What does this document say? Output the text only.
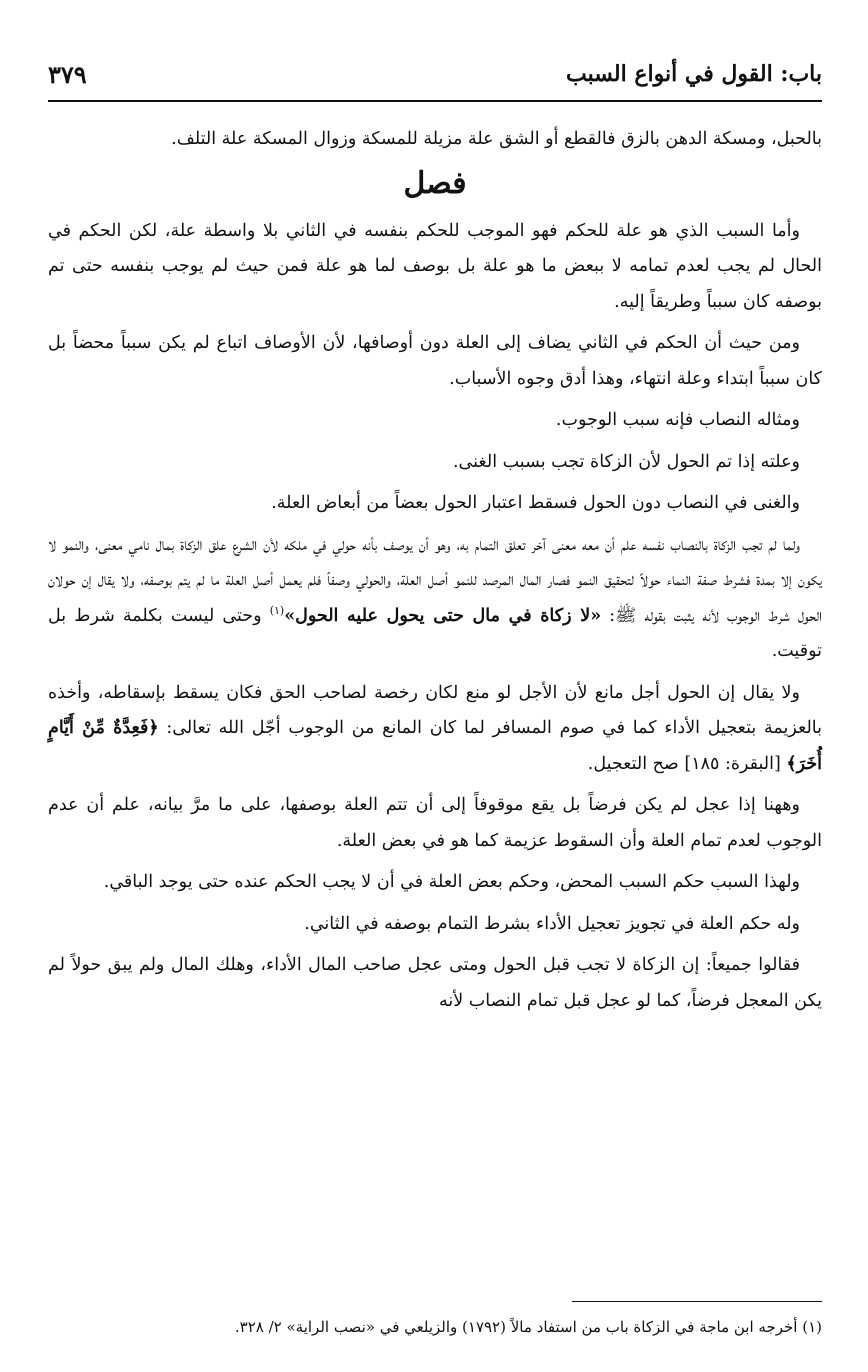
باب: القول في أنواع السبب
٣٧٩

بالحبل، ومسكة الدهن بالزق فالقطع أو الشق علة مزيلة للمسكة وزوال المسكة علة التلف.

فصل

وأما السبب الذي هو علة للحكم فهو الموجب للحكم بنفسه في الثاني بلا واسطة علة، لكن الحكم في الحال لم يجب لعدم تمامه لا ببعض ما هو علة بل بوصف لما هو علة فمن حيث لم يوجب بنفسه حتى تم بوصفه كان سبباً وطريقاً إليه.

ومن حيث أن الحكم في الثاني يضاف إلى العلة دون أوصافها، لأن الأوصاف اتباع لم يكن سبباً محضاً بل كان سبباً ابتداء وعلة انتهاء، وهذا أدق وجوه الأسباب.

ومثاله النصاب فإنه سبب الوجوب.

وعلته إذا تم الحول لأن الزكاة تجب بسبب الغنى.

والغنى في النصاب دون الحول فسقط اعتبار الحول بعضاً من أبعاض العلة.

ولما لم تجب الزكاة بالنصاب نفسه علم أن معه معنى آخر تعلق التمام به، وهو أن يوصف بأنه حولي في ملكه لأن الشرع علق الزكاة بمال نامي معنى، والنمو لا يكون إلا بمدة فشرط صفة النماء حولاً لتحقيق النمو فصار المال المرصد للنمو أصل العلة، والحولي وصفاً فلم يعمل أصل العلة ما لم يتم بوصفه، ولا يقال إن حولان الحول شرط الوجوب لأنه يثبت بقوله ﷺ: «لا زكاة في مال حتى يحول عليه الحول»$^{(١)}$ وحتى ليست بكلمة شرط بل توقيت.

ولا يقال إن الحول أجل مانع لأن الأجل لو منع لكان رخصة لصاحب الحق فكان يسقط بإسقاطه، وأخذه بالعزيمة بتعجيل الأداء كما في صوم المسافر لما كان المانع من الوجوب أجّل الله تعالى: ﴿فَعِدَّةٌ مِّنْ أَيَّامٍ أُخَرَ﴾ [البقرة: ١٨٥] صح التعجيل.

وههنا إذا عجل لم يكن فرضاً بل يقع موقوفاً إلى أن تتم العلة بوصفها، على ما مرَّ بيانه، علم أن عدم الوجوب لعدم تمام العلة وأن السقوط عزيمة كما هو في بعض العلة.

ولهذا السبب حكم السبب المحض، وحكم بعض العلة في أن لا يجب الحكم عنده حتى يوجد الباقي.

وله حكم العلة في تجويز تعجيل الأداء بشرط التمام بوصفه في الثاني.

فقالوا جميعاً: إن الزكاة لا تجب قبل الحول ومتى عجل صاحب المال الأداء، وهلك المال ولم يبق حولاً لم يكن المعجل فرضاً، كما لو عجل قبل تمام النصاب لأنه

(١) أخرجه ابن ماجة في الزكاة باب من استفاد مالاً (١٧٩٢) والزيلعي في «نصب الراية» ٢/ ٣٢٨.
